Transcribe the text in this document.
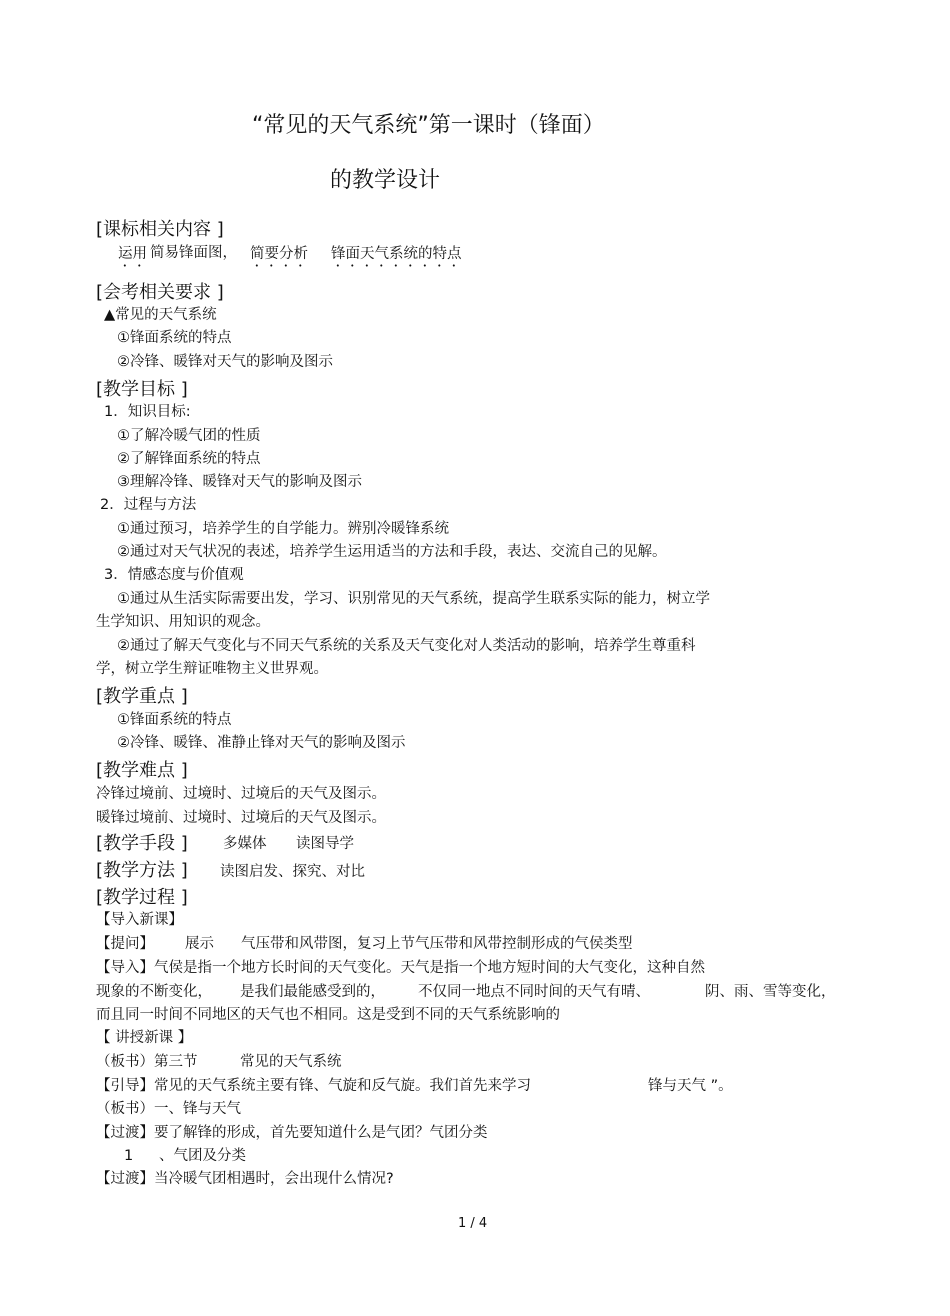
“常见的天气系统”第一课时（锋面）
的教学设计
[课标相关内容 ]
运用 简易锋面图， 简要分析 锋面天气系统的特点
[会考相关要求 ]
▲常见的天气系统
①锋面系统的特点
②冷锋、暖锋对天气的影响及图示
[教学目标 ]
1．知识目标:
①了解冷暖气团的性质
②了解锋面系统的特点
③理解冷锋、暖锋对天气的影响及图示
2．过程与方法
①通过预习，培养学生的自学能力。辨别冷暖锋系统
②通过对天气状况的表述，培养学生运用适当的方法和手段，表达、交流自己的见解。
3．情感态度与价值观
①通过从生活实际需要出发，学习、识别常见的天气系统，提高学生联系实际的能力，树立学
生学知识、用知识的观念。
②通过了解天气变化与不同天气系统的关系及天气变化对人类活动的影响，培养学生尊重科
学，树立学生辩证唯物主义世界观。
[教学重点 ]
①锋面系统的特点
②冷锋、暖锋、准静止锋对天气的影响及图示
[教学难点 ]
冷锋过境前、过境时、过境后的天气及图示。
暖锋过境前、过境时、过境后的天气及图示。
[教学手段 ] 多媒体 读图导学
[教学方法 ] 读图启发、探究、对比
[教学过程 ]
【导入新课】
【提问】 展示 气压带和风带图，复习上节气压带和风带控制形成的气侯类型
【导入】气侯是指一个地方长时间的天气变化。天气是指一个地方短时间的大气变化，这种自然
现象的不断变化， 是我们最能感受到的， 不仅同一地点不同时间的天气有晴、	阴、雨、雪等变化，
而且同一时间不同地区的天气也不相同。这是受到不同的天气系统影响的
【 讲授新课 】
（板书）第三节	常见的天气系统
【引导】常见的天气系统主要有锋、气旋和反气旋。我们首先来学习	锋与天气 ”。
（板书）一、锋与天气
【过渡】要了解锋的形成，首先要知道什么是气团？气团分类
1 、气团及分类
【过渡】当冷暖气团相遇时，会出现什么情况?
1 / 4
